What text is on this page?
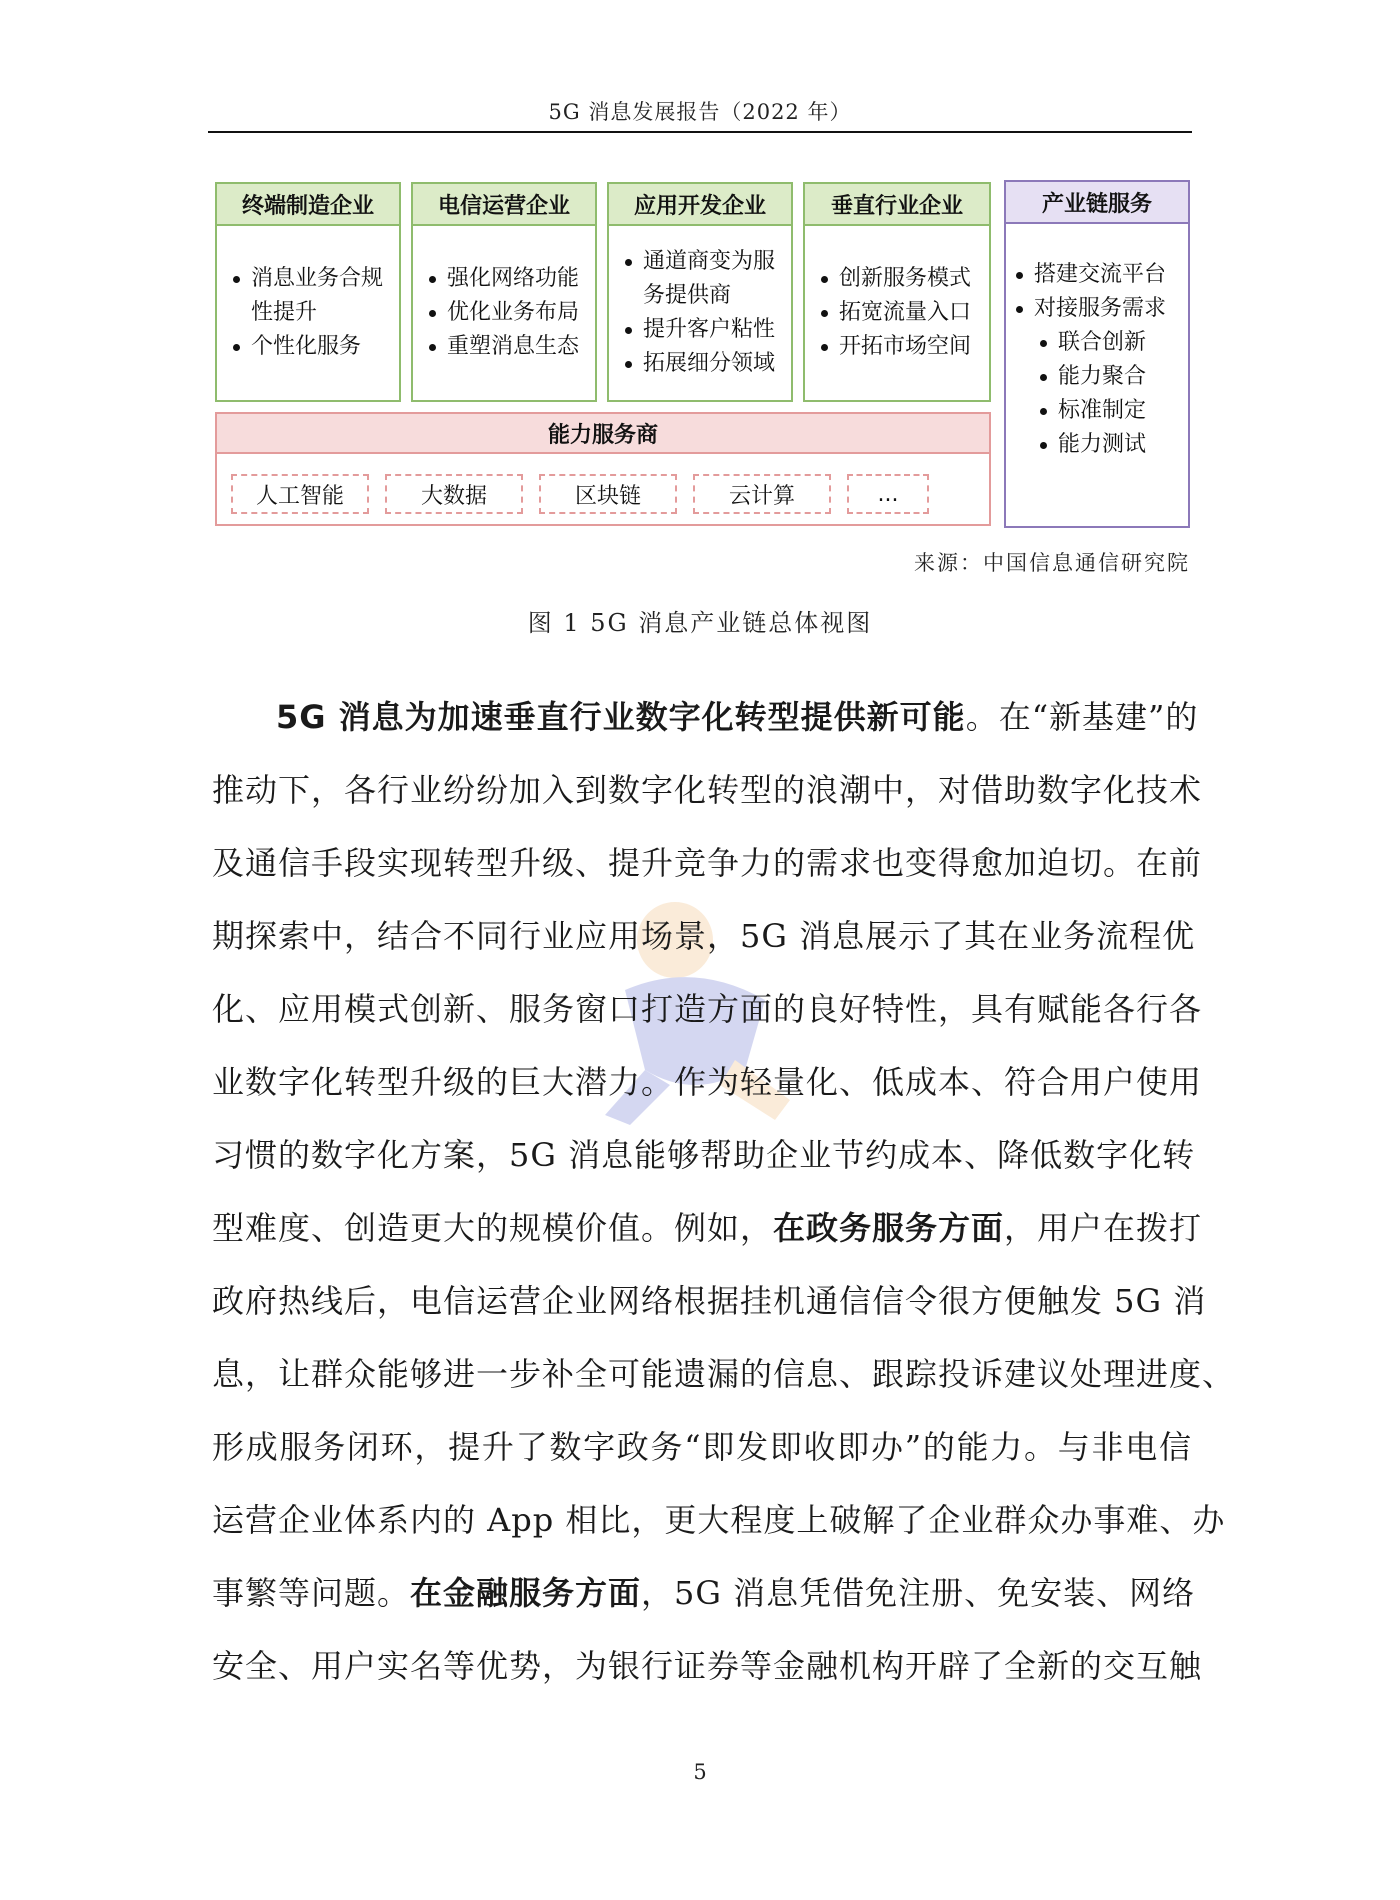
5G 消息发展报告（2022 年）
终端制造企业
消息业务合规
性提升
个性化服务
电信运营企业
强化网络功能
优化业务布局
重塑消息生态
应用开发企业
通道商变为服
务提供商
提升客户粘性
拓展细分领域
垂直行业企业
创新服务模式
拓宽流量入口
开拓市场空间
产业链服务
搭建交流平台
对接服务需求
联合创新
能力聚合
标准制定
能力测试
能力服务商
人工智能	大数据	区块链	云计算	...
来源：中国信息通信研究院
图 1 5G 消息产业链总体视图
5G 消息为加速垂直行业数字化转型提供新可能。在“新基建”的
推动下，各行业纷纷加入到数字化转型的浪潮中，对借助数字化技术
及通信手段实现转型升级、提升竞争力的需求也变得愈加迫切。在前
期探索中，结合不同行业应用场景，5G 消息展示了其在业务流程优
化、应用模式创新、服务窗口打造方面的良好特性，具有赋能各行各
业数字化转型升级的巨大潜力。作为轻量化、低成本、符合用户使用
习惯的数字化方案，5G 消息能够帮助企业节约成本、降低数字化转
型难度、创造更大的规模价值。例如，在政务服务方面，用户在拨打
政府热线后，电信运营企业网络根据挂机通信信令很方便触发 5G 消
息，让群众能够进一步补全可能遗漏的信息、跟踪投诉建议处理进度、
形成服务闭环，提升了数字政务“即发即收即办”的能力。与非电信
运营企业体系内的 App 相比，更大程度上破解了企业群众办事难、办
事繁等问题。在金融服务方面，5G 消息凭借免注册、免安装、网络
安全、用户实名等优势，为银行证券等金融机构开辟了全新的交互触
5
